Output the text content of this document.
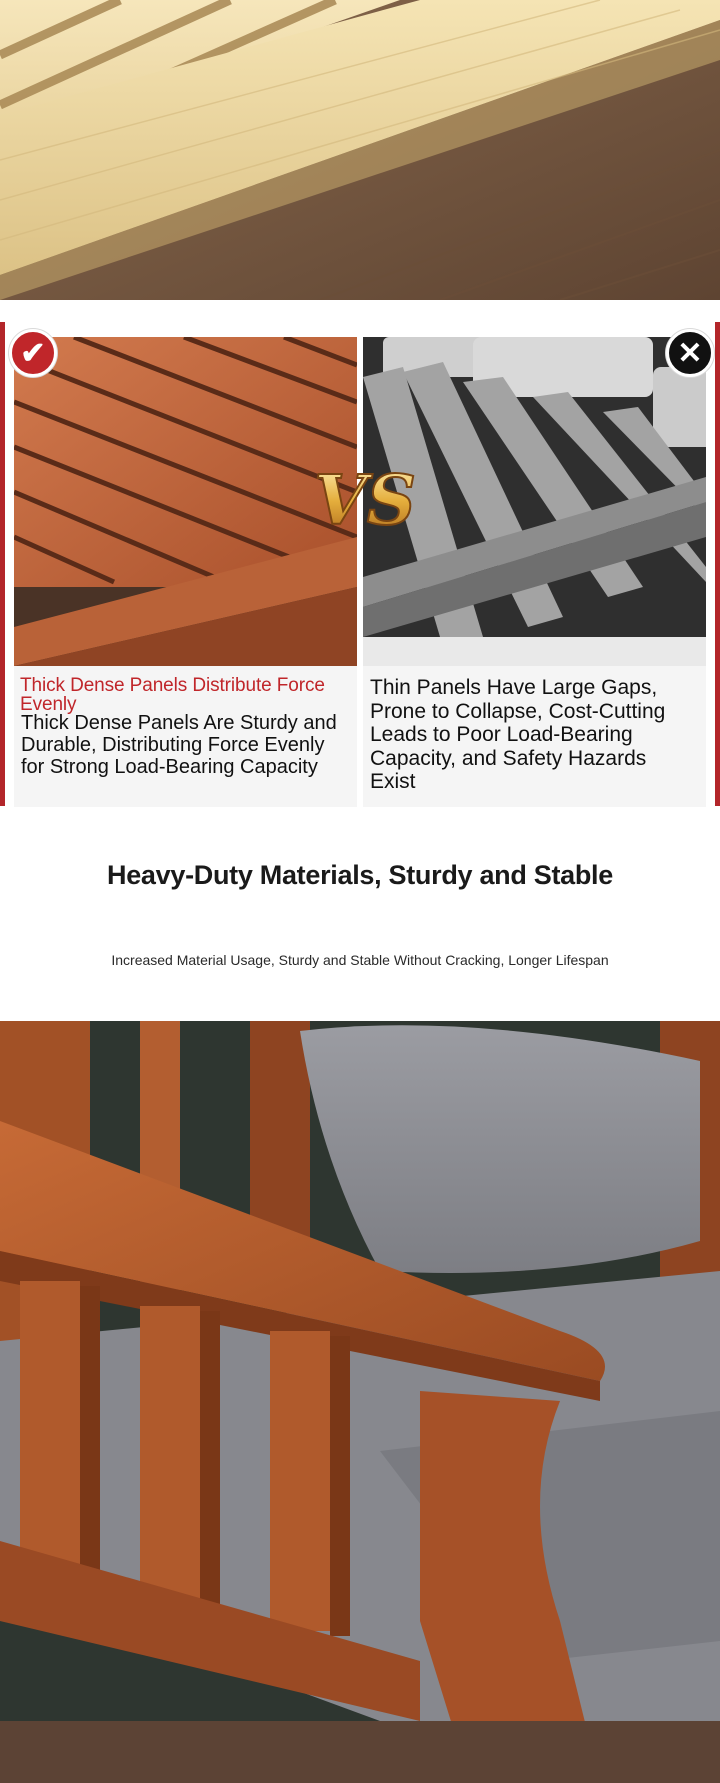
Thick Dense Panels Distribute Force Evenly
Thick Dense Panels Are Sturdy and Durable, Distributing Force Evenly for Strong Load-Bearing Capacity
Thin Panels Have Large Gaps, Prone to Collapse, Cost-Cutting Leads to Poor Load-Bearing Capacity, and Safety Hazards Exist
✔	✕
VS
Heavy-Duty Materials, Sturdy and Stable
Increased Material Usage, Sturdy and Stable Without Cracking, Longer Lifespan
